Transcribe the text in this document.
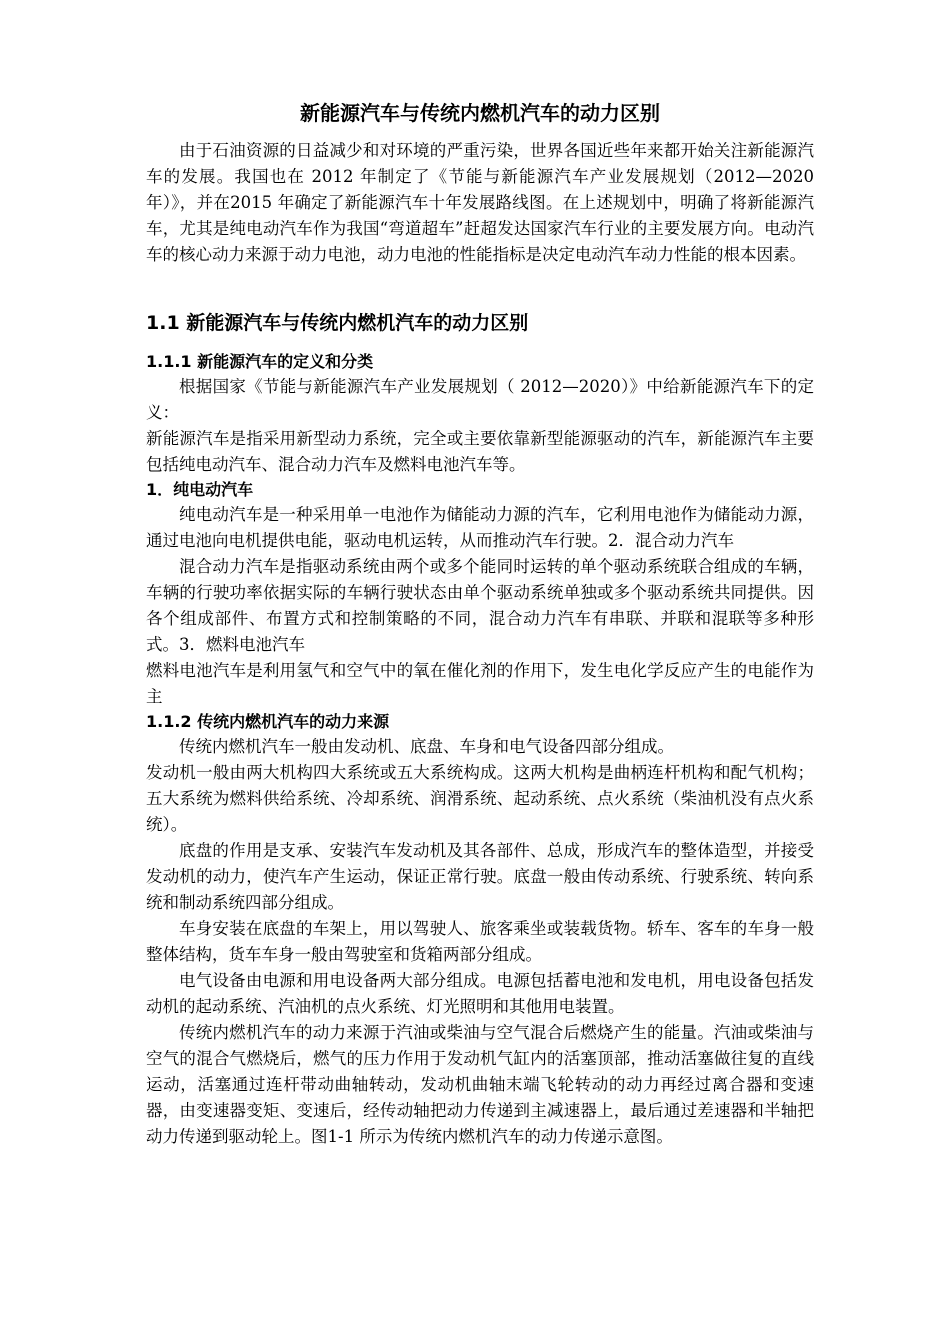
新能源汽车与传统内燃机汽车的动力区别

由于石油资源的日益减少和对环境的严重污染，世界各国近些年来都开始关注新能源汽车的发展。我国也在 2012 年制定了《节能与新能源汽车产业发展规划（2012—2020 年）》，并在2015 年确定了新能源汽车十年发展路线图。在上述规划中，明确了将新能源汽车，尤其是纯电动汽车作为我国“弯道超车”赶超发达国家汽车行业的主要发展方向。电动汽车的核心动力来源于动力电池，动力电池的性能指标是决定电动汽车动力性能的根本因素。

1.1 新能源汽车与传统内燃机汽车的动力区别
1.1.1 新能源汽车的定义和分类

根据国家《节能与新能源汽车产业发展规划（ 2012—2020）》中给新能源汽车下的定义：

新能源汽车是指采用新型动力系统，完全或主要依靠新型能源驱动的汽车，新能源汽车主要包括纯电动汽车、混合动力汽车及燃料电池汽车等。

1．纯电动汽车

纯电动汽车是一种采用单一电池作为储能动力源的汽车，它利用电池作为储能动力源，通过电池向电机提供电能，驱动电机运转，从而推动汽车行驶。2．混合动力汽车

混合动力汽车是指驱动系统由两个或多个能同时运转的单个驱动系统联合组成的车辆，车辆的行驶功率依据实际的车辆行驶状态由单个驱动系统单独或多个驱动系统共同提供。因各个组成部件、布置方式和控制策略的不同，混合动力汽车有串联、并联和混联等多种形式。3．燃料电池汽车

燃料电池汽车是利用氢气和空气中的氧在催化剂的作用下，发生电化学反应产生的电能作为主

1.1.2 传统内燃机汽车的动力来源

传统内燃机汽车一般由发动机、底盘、车身和电气设备四部分组成。

发动机一般由两大机构四大系统或五大系统构成。这两大机构是曲柄连杆机构和配气机构；五大系统为燃料供给系统、冷却系统、润滑系统、起动系统、点火系统（柴油机没有点火系统）。

底盘的作用是支承、安装汽车发动机及其各部件、总成，形成汽车的整体造型，并接受发动机的动力，使汽车产生运动，保证正常行驶。底盘一般由传动系统、行驶系统、转向系统和制动系统四部分组成。

车身安装在底盘的车架上，用以驾驶人、旅客乘坐或装载货物。轿车、客车的车身一般整体结构，货车车身一般由驾驶室和货箱两部分组成。

电气设备由电源和用电设备两大部分组成。电源包括蓄电池和发电机，用电设备包括发动机的起动系统、汽油机的点火系统、灯光照明和其他用电装置。

传统内燃机汽车的动力来源于汽油或柴油与空气混合后燃烧产生的能量。汽油或柴油与空气的混合气燃烧后，燃气的压力作用于发动机气缸内的活塞顶部，推动活塞做往复的直线运动，活塞通过连杆带动曲轴转动，发动机曲轴末端飞轮转动的动力再经过离合器和变速器，由变速器变矩、变速后，经传动轴把动力传递到主减速器上，最后通过差速器和半轴把动力传递到驱动轮上。图1-1 所示为传统内燃机汽车的动力传递示意图。
